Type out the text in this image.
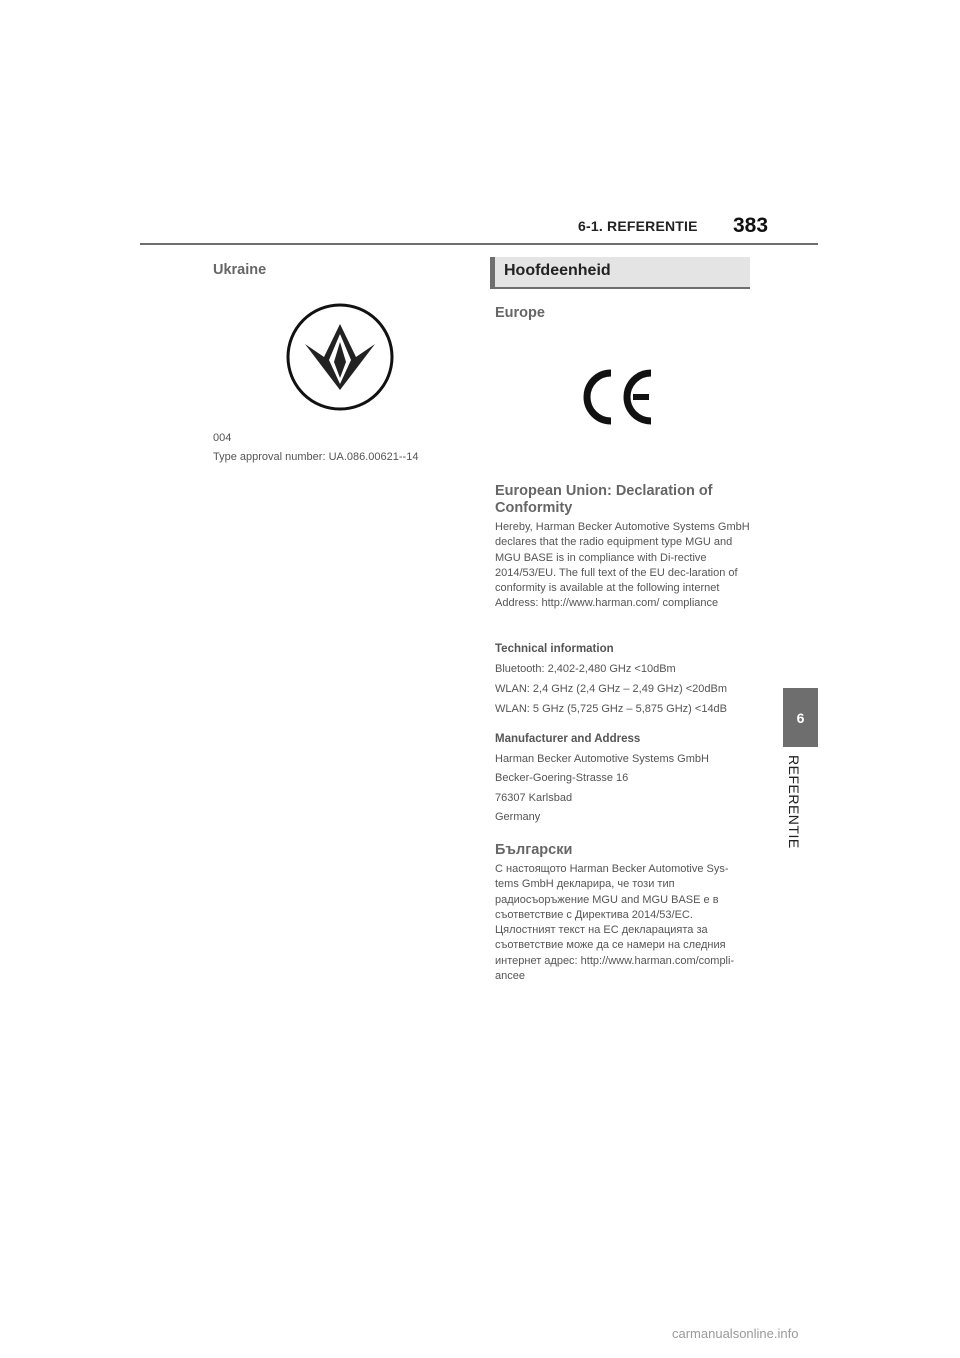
6-1. REFERENTIE 383
6
REFERENTIE
Ukraine
004
Type approval number: UA.086.00621--14
Hoofdeenheid
Europe
European Union: Declaration of Conformity
Hereby, Harman Becker Automotive Systems GmbH declares that the radio equipment type MGU and MGU BASE is in compliance with Di-rective 2014/53/EU. The full text of the EU dec-laration of conformity is available at the following internet Address: http://www.harman.com/ compliance
Technical information
Bluetooth: 2,402-2,480 GHz <10dBm
WLAN: 2,4 GHz (2,4 GHz – 2,49 GHz) <20dBm
WLAN: 5 GHz (5,725 GHz – 5,875 GHz) <14dB
Manufacturer and Address
Harman Becker Automotive Systems GmbH
Becker-Goering-Strasse 16
76307 Karlsbad
Germany
Български
С настоящото Harman Becker Automotive Sys-tems GmbH декларира, че този тип радиосъоръжение MGU and MGU BASE е в съответствие с Директива 2014/53/ЕС. Цялостният текст на ЕС декларацията за съответствие може да се намери на следния интернет адрес: http://www.harman.com/compli-ancee
carmanualsonline.info
